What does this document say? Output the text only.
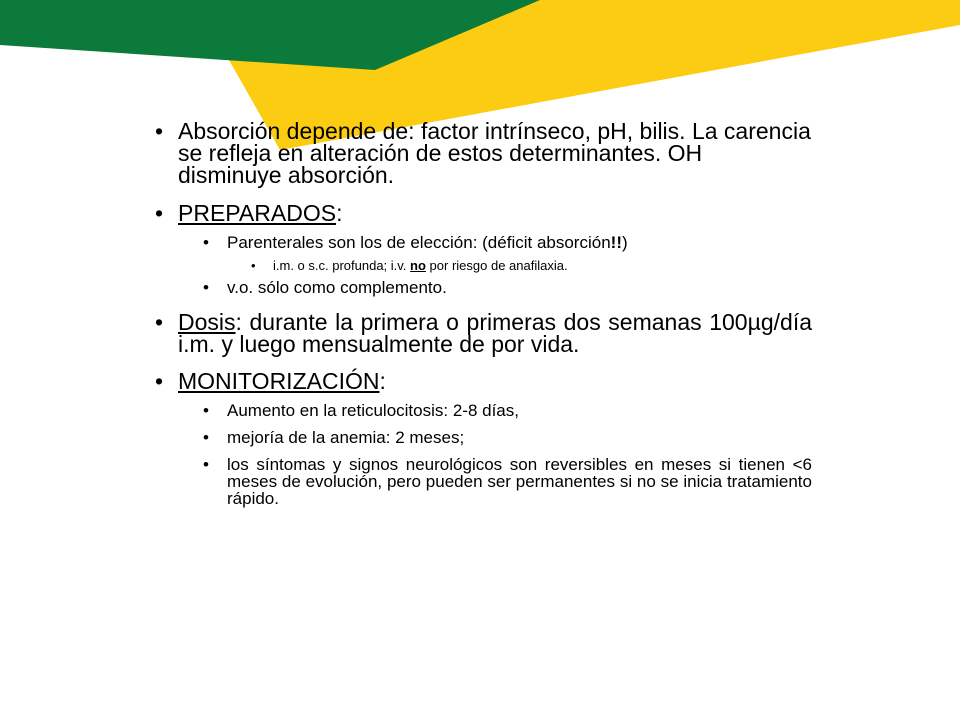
• Absorción depende de: factor intrínseco, pH, bilis. La carencia se refleja en alteración de estos determinantes. OH disminuye absorción.
• PREPARADOS:
• Parenterales son los de elección: (déficit absorción!!)
• i.m. o s.c. profunda; i.v. no por riesgo de anafilaxia.
• v.o. sólo como complemento.
• Dosis: durante la primera o primeras dos semanas 100µg/día i.m. y luego mensualmente de por vida.
• MONITORIZACIÓN:
• Aumento en la reticulocitosis: 2-8 días,
• mejoría de la anemia: 2 meses;
• los síntomas y signos neurológicos son reversibles en meses si tienen <6 meses de evolución, pero pueden ser permanentes si no se inicia tratamiento rápido.
